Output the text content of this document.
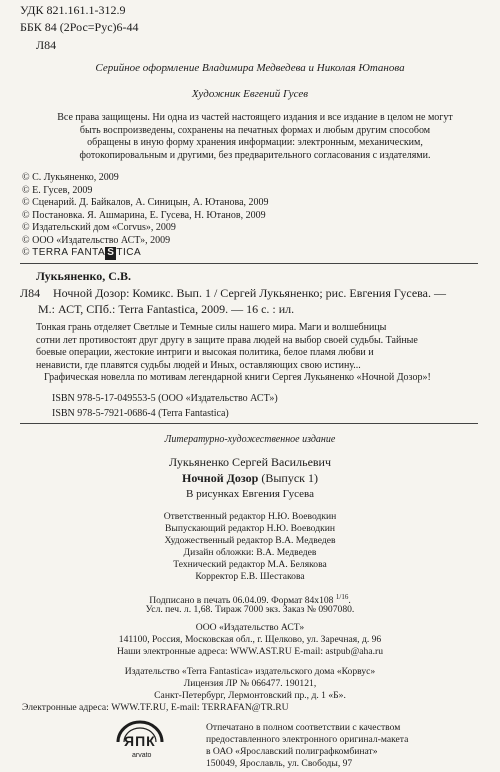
УДК 821.161.1-312.9
ББК 84 (2Рос=Рус)6-44
Л84
Серийное оформление Владимира Медведева и Николая Ютанова
Художник Евгений Гусев
Все права защищены. Ни одна из частей настоящего издания и все издание в целом не могут
быть воспроизведены, сохранены на печатных формах и любым другим способом
обращены в иную форму хранения информации: электронным, механическим,
фотокопировальным и другими, без предварительного согласования с издателями.
© С. Лукьяненко, 2009
© Е. Гусев, 2009
© Сценарий. Д. Байкалов, А. Синицын, А. Ютанова, 2009
© Постановка. Я. Ашмарина, Е. Гусева, Н. Ютанов, 2009
© Издательский дом «Corvus», 2009
© ООО «Издательство АСТ», 2009
© TERRA FANTA S TICA
Лукьяненко, С.В.
Л84 Ночной Дозор: Комикс. Вып. 1 / Сергей Лукьяненко; рис. Евгения Гусева. —
М.: АСТ, СПб.: Terra Fantastica, 2009. — 16 с. : ил.
Тонкая грань отделяет Светлые и Темные силы нашего мира. Маги и волшебницы
сотни лет противостоят друг другу в защите права людей на выбор своей судьбы. Тайные
боевые операции, жестокие интриги и высокая политика, белое пламя любви и
ненависти, где плавятся судьбы людей и Иных, оставляющих свою истину...
Графическая новелла по мотивам легендарной книги Сергея Лукьяненко «Ночной Дозор»!
ISBN 978-5-17-049553-5 (ООО «Издательство АСТ»)
ISBN 978-5-7921-0686-4 (Terra Fantastica)
Литературно-художественное издание
Лукьяненко Сергей Васильевич
Ночной Дозор (Выпуск 1)
В рисунках Евгения Гусева
Ответственный редактор Н.Ю. Воеводкин
Выпускающий редактор Н.Ю. Воеводкин
Художественный редактор В.А. Медведев
Дизайн обложки: В.А. Медведев
Технический редактор М.А. Белякова
Корректор Е.В. Шестакова
Подписано в печать 06.04.09. Формат 84х108 $^{1/16}$.
Усл. печ. л. 1,68. Тираж 7000 экз. Заказ № 0907080.
ООО «Издательство АСТ»
141100, Россия, Московская обл., г. Щелково, ул. Заречная, д. 96
Наши электронные адреса: WWW.AST.RU E-mail: astpub@aha.ru
Издательство «Terra Fantastica» издательского дома «Корвус»
Лицензия ЛР № 066477. 190121,
Санкт-Петербург, Лермонтовский пр., д. 1 «Б».
Электронные адреса: WWW.TF.RU, E-mail: TERRAFAN@TR.RU
ЯПК
arvato
Отпечатано в полном соответствии с качеством
предоставленного электронного оригинал-макета
в ОАО «Ярославский полиграфкомбинат»
150049, Ярославль, ул. Свободы, 97
